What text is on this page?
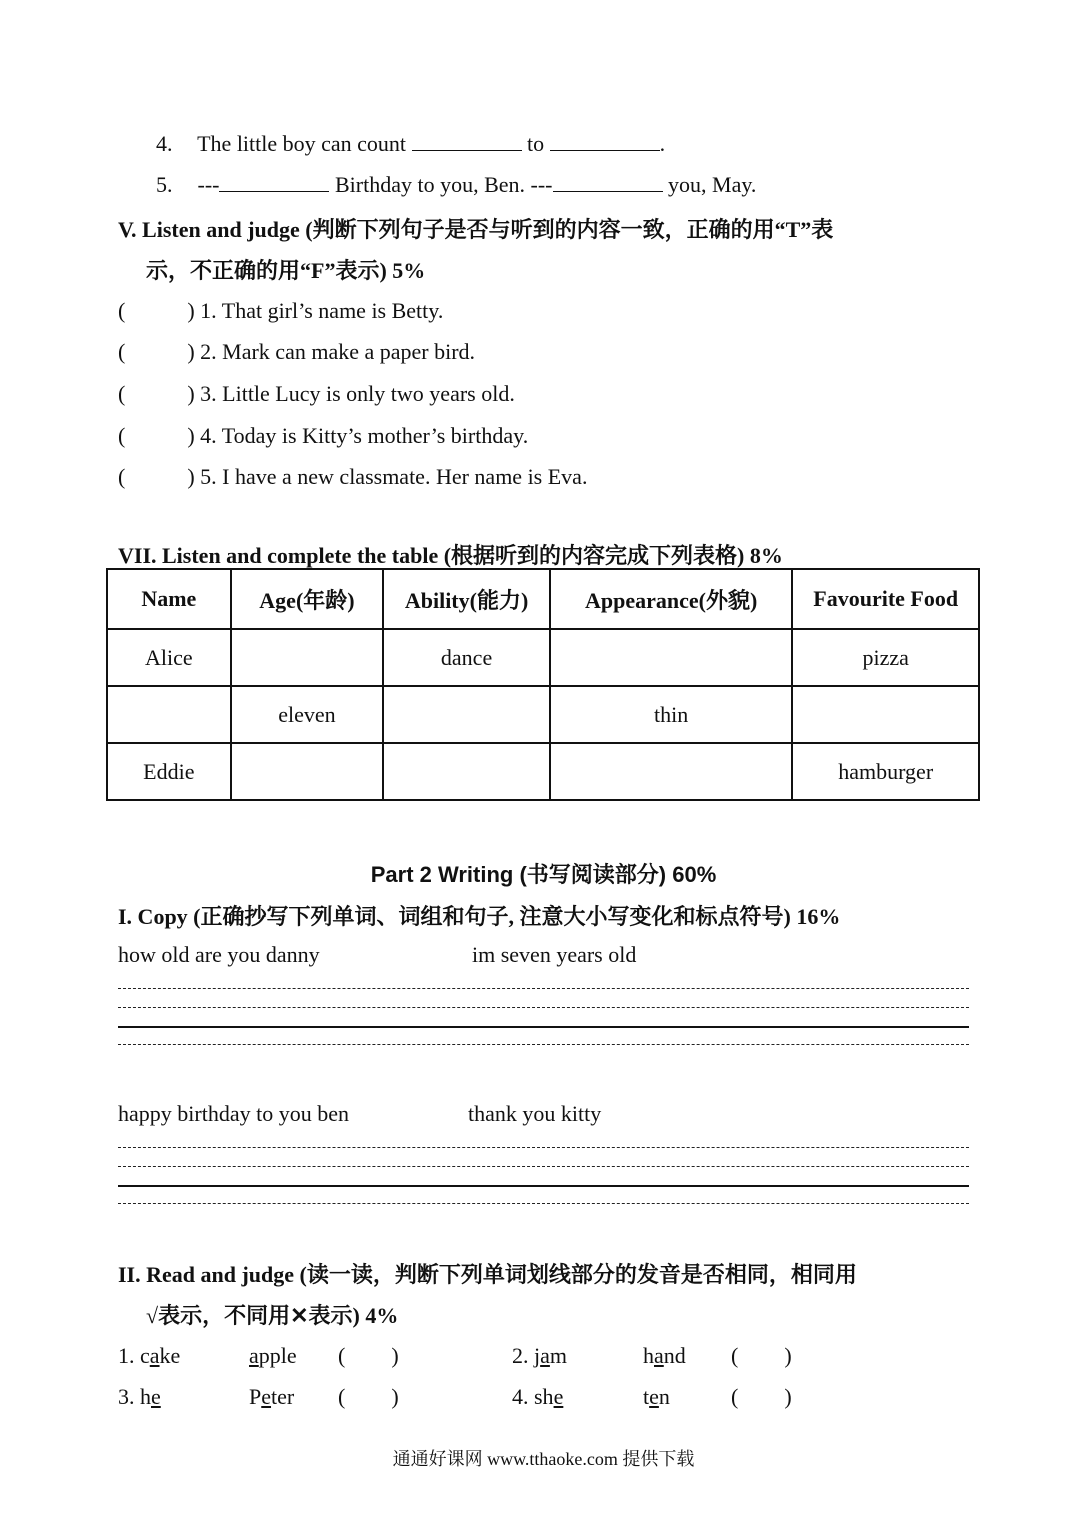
4. The little boy can count	to	.
5. ---	Birthday to you, Ben. ---	you, May.
V. Listen and judge (判断下列句子是否与听到的内容一致，正确的用“T”表
示，不正确的用“F”表示) 5%
(	) 1. That girl’s name is Betty.
(	) 2. Mark can make a paper bird.
(	) 3. Little Lucy is only two years old.
(	) 4. Today is Kitty’s mother’s birthday.
(	) 5. I have a new classmate. Her name is Eva.
VII. Listen and complete the table (根据听到的内容完成下列表格) 8%
Name	Age(年龄)	Ability(能力)	Appearance(外貌)	Favourite Food
Alice		dance		pizza
	eleven		thin	
Eddie				hamburger
Part 2 Writing (书写阅读部分) 60%
I. Copy (正确抄写下列单词、词组和句子, 注意大小写变化和标点符号) 16%
how old are you danny	im seven years old
happy birthday to you ben	thank you kitty
II. Read and judge (读一读，判断下列单词划线部分的发音是否相同，相同用
√表示，不同用✕表示) 4%
1. cake	apple ( )	2. jam	hand ( )
3. he	Peter ( )	4. she	ten	( )
通通好课网 www.tthaoke.com 提供下载
